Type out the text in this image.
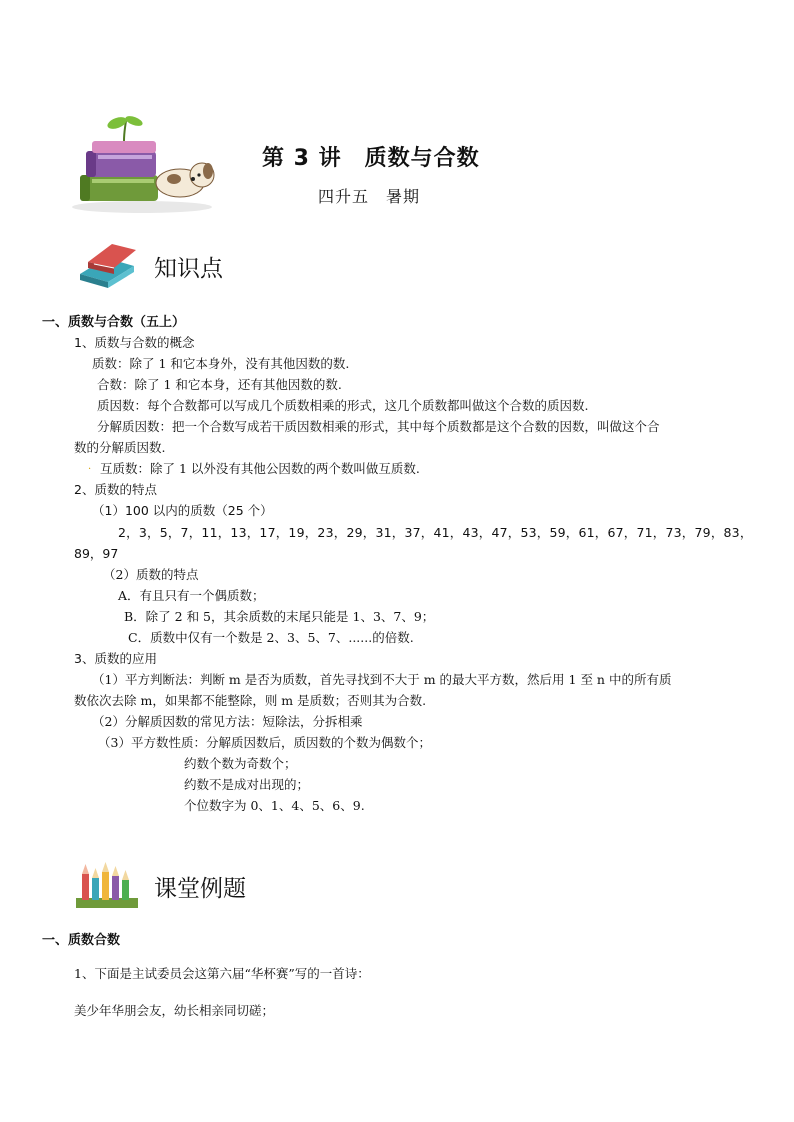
第 3 讲　质数与合数
四升五　暑期
知识点
一、质数与合数（五上）
1、质数与合数的概念
质数：除了 1 和它本身外，没有其他因数的数.
合数：除了 1 和它本身，还有其他因数的数.
质因数：每个合数都可以写成几个质数相乘的形式，这几个质数都叫做这个合数的质因数.
分解质因数：把一个合数写成若干质因数相乘的形式，其中每个质数都是这个合数的因数，叫做这个合
数的分解质因数.
. 互质数：除了 1 以外没有其他公因数的两个数叫做互质数.
2、质数的特点
（1）100 以内的质数（25 个）
2，3，5，7，11，13，17，19，23，29，31，37，41，43，47，53，59，61，67，71，73，79，83，
89，97
（2）质数的特点
A．有且只有一个偶质数；
B．除了 2 和 5，其余质数的末尾只能是 1、3、7、9；
C．质数中仅有一个数是 2、3、5、7、......的倍数.
3、质数的应用
（1）平方判断法：判断 m 是否为质数，首先寻找到不大于 m 的最大平方数，然后用 1 至 n 中的所有质
数依次去除 m，如果都不能整除，则 m 是质数；否则其为合数.
（2）分解质因数的常见方法：短除法，分拆相乘
（3）平方数性质：分解质因数后，质因数的个数为偶数个；
约数个数为奇数个；
约数不是成对出现的；
个位数字为 0、1、4、5、6、9.
课堂例题
一、质数合数
1、下面是主试委员会这第六届“华杯赛”写的一首诗：
美少年华朋会友，幼长相亲同切磋；
